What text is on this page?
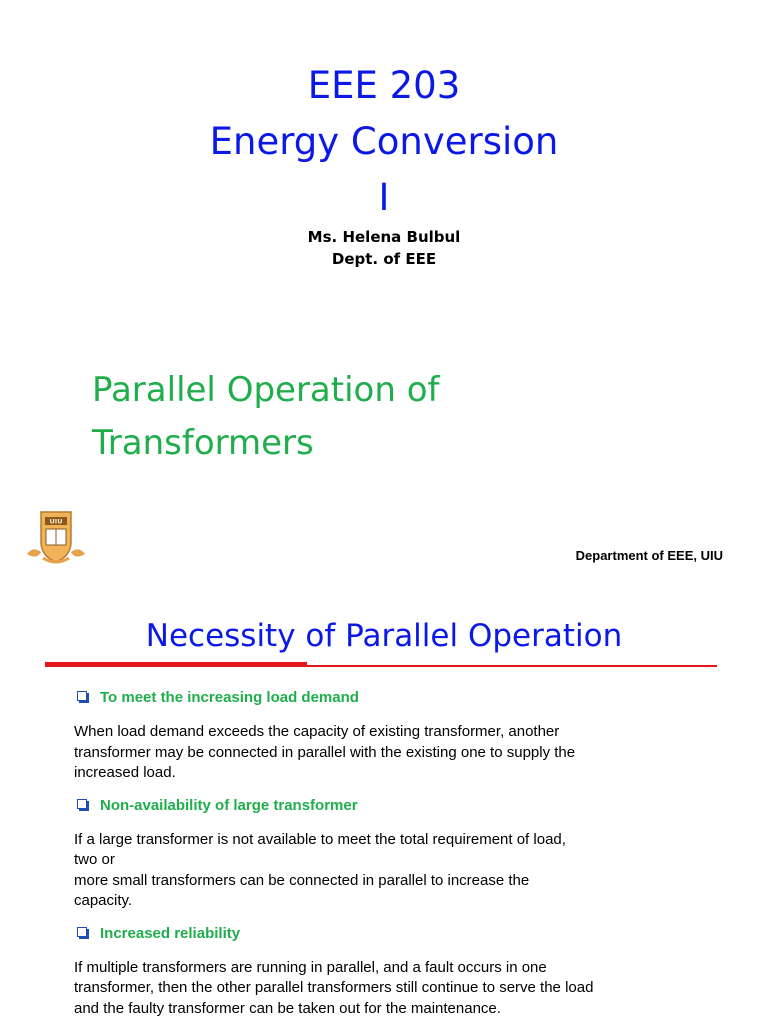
EEE 203
Energy Conversion
I
Ms. Helena Bulbul
Dept. of EEE
Parallel Operation of
Transformers
UIU
Department of EEE, UIU
Necessity of Parallel Operation
To meet the increasing load demand
When load demand exceeds the capacity of existing transformer, another
transformer may be connected in parallel with the existing one to supply the
increased load.
Non-availability of large transformer
If a large transformer is not available to meet the total requirement of load,
two or
more small transformers can be connected in parallel to increase the
capacity.
Increased reliability
If multiple transformers are running in parallel, and a fault occurs in one
transformer, then the other parallel transformers still continue to serve the load
and the faulty transformer can be taken out for the maintenance.
